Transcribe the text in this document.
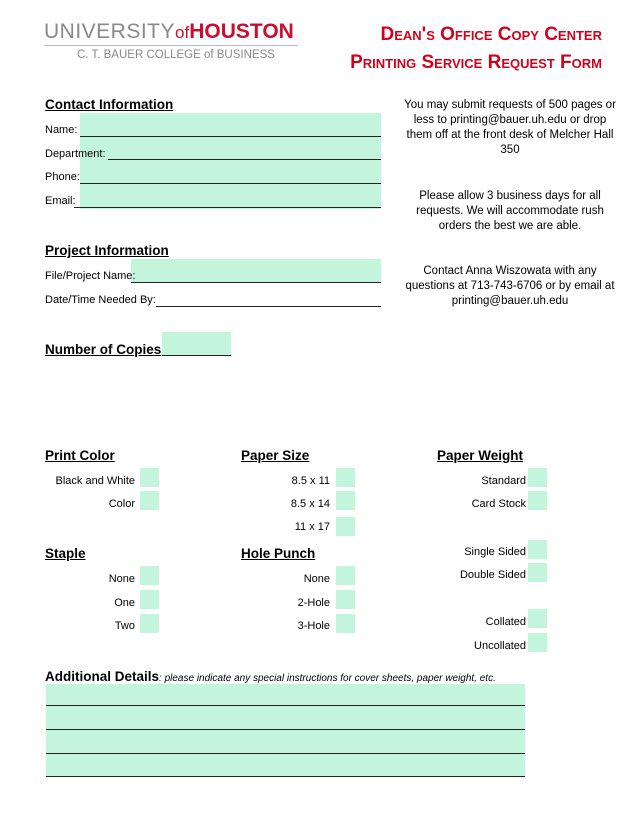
UNIVERSITYofHOUSTON
C. T. BAUER COLLEGE of BUSINESS
Dean's Office Copy Center
Printing Service Request Form
Contact Information
Name:
Department:
Phone:
Email:
Project Information
File/Project Name:
Date/Time Needed By:
Number of Copies
You may submit requests of 500 pages or less to printing@bauer.uh.edu or drop them off at the front desk of Melcher Hall 350
Please allow 3 business days for all requests. We will accommodate rush orders the best we are able.
Contact Anna Wiszowata with any questions at 713-743-6706 or by email at printing@bauer.uh.edu
Print Color
Black and White
Color
Paper Size
8.5 x 11
8.5 x 14
11 x 17
Paper Weight
Standard
Card Stock
Staple
None
One
Two
Hole Punch
None
2-Hole
3-Hole
Single Sided
Double Sided
Collated
Uncollated
Additional Details: please indicate any special instructions for cover sheets, paper weight, etc.
